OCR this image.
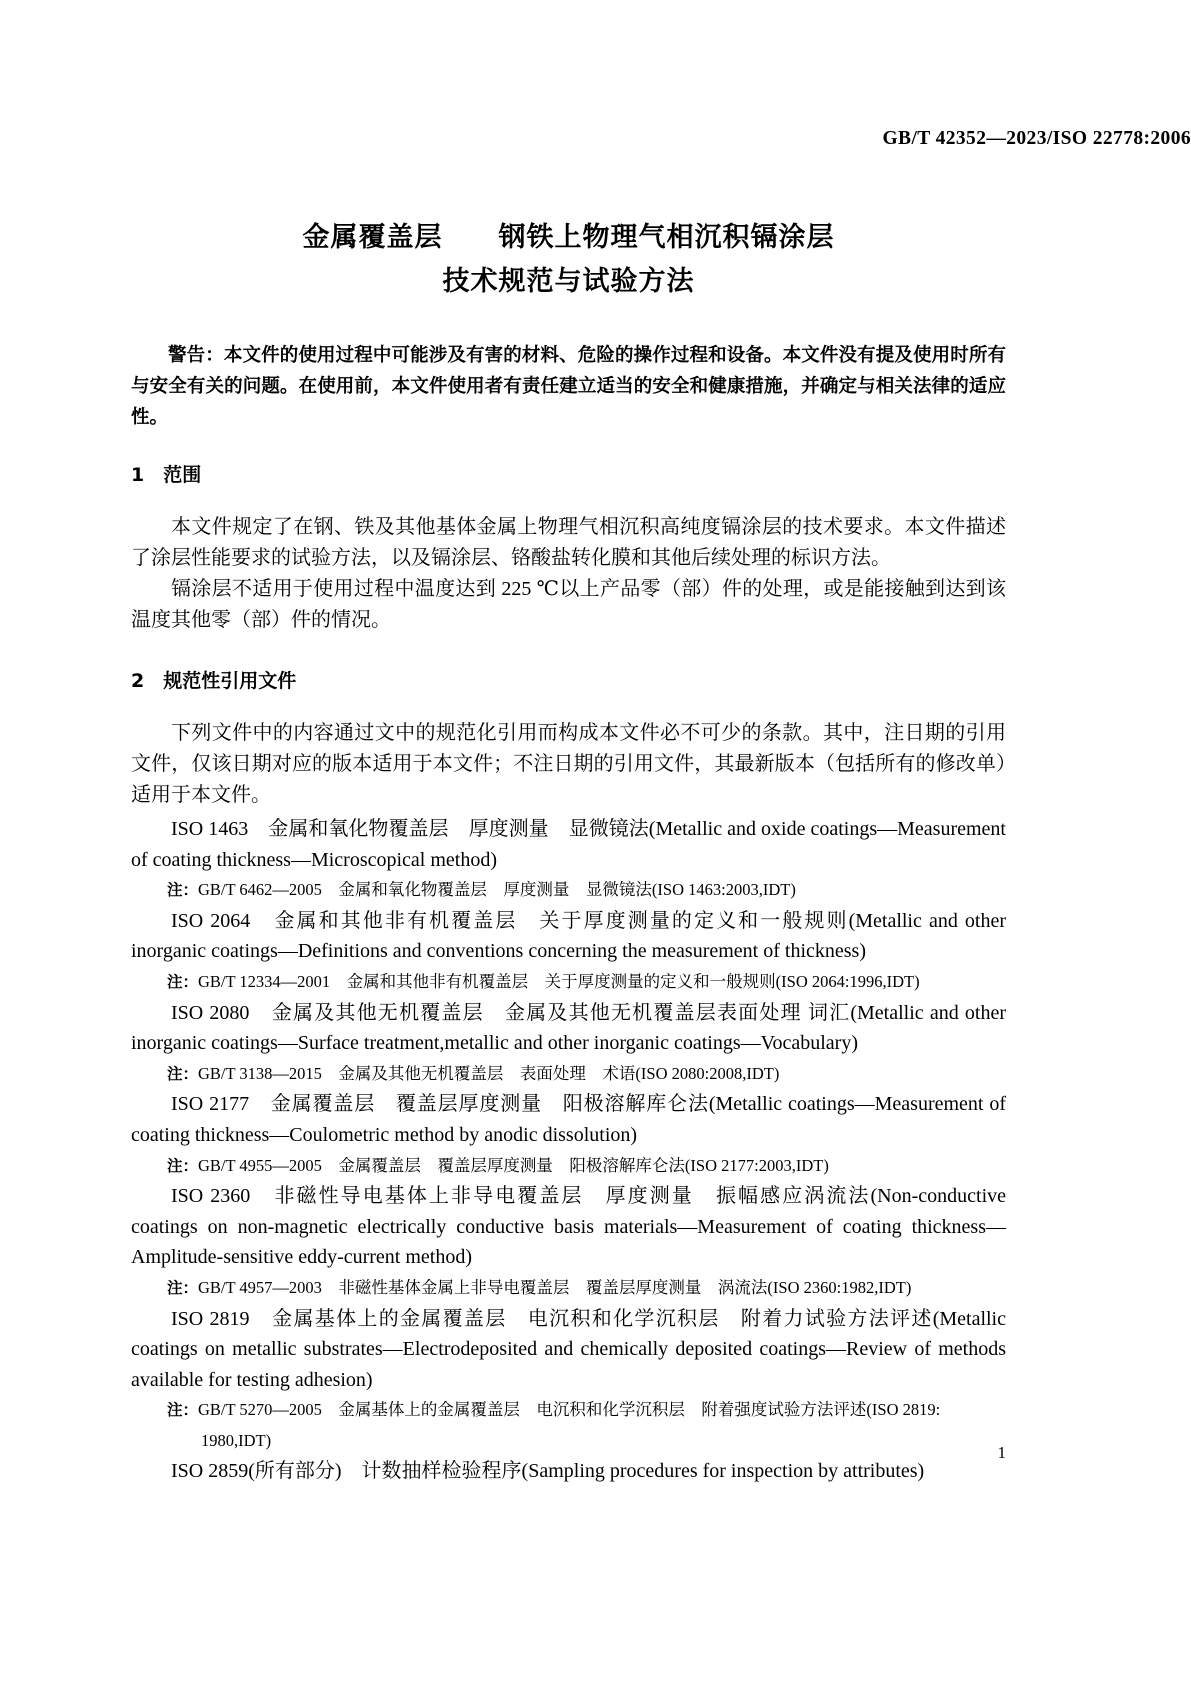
GB/T 42352—2023/ISO 22778:2006
金属覆盖层　　钢铁上物理气相沉积镉涂层
技术规范与试验方法
警告：本文件的使用过程中可能涉及有害的材料、危险的操作过程和设备。本文件没有提及使用时所有与安全有关的问题。在使用前，本文件使用者有责任建立适当的安全和健康措施，并确定与相关法律的适应性。
1　范围
本文件规定了在钢、铁及其他基体金属上物理气相沉积高纯度镉涂层的技术要求。本文件描述了涂层性能要求的试验方法，以及镉涂层、铬酸盐转化膜和其他后续处理的标识方法。
镉涂层不适用于使用过程中温度达到 225 ℃以上产品零（部）件的处理，或是能接触到达到该温度其他零（部）件的情况。
2　规范性引用文件
下列文件中的内容通过文中的规范化引用而构成本文件必不可少的条款。其中，注日期的引用文件，仅该日期对应的版本适用于本文件；不注日期的引用文件，其最新版本（包括所有的修改单）适用于本文件。

ISO 1463　金属和氧化物覆盖层　厚度测量　显微镜法(Metallic and oxide coatings—Measurement of coating thickness—Microscopical method)

注：GB/T 6462—2005　金属和氧化物覆盖层　厚度测量　显微镜法(ISO 1463:2003,IDT)

ISO 2064　金属和其他非有机覆盖层　关于厚度测量的定义和一般规则(Metallic and other inorganic coatings—Definitions and conventions concerning the measurement of thickness)

注：GB/T 12334—2001　金属和其他非有机覆盖层　关于厚度测量的定义和一般规则(ISO 2064:1996,IDT)

ISO 2080　金属及其他无机覆盖层　金属及其他无机覆盖层表面处理 词汇(Metallic and other inorganic coatings—Surface treatment,metallic and other inorganic coatings—Vocabulary)

注：GB/T 3138—2015　金属及其他无机覆盖层　表面处理　术语(ISO 2080:2008,IDT)

ISO 2177　金属覆盖层　覆盖层厚度测量　阳极溶解库仑法(Metallic coatings—Measurement of coating thickness—Coulometric method by anodic dissolution)

注：GB/T 4955—2005　金属覆盖层　覆盖层厚度测量　阳极溶解库仑法(ISO 2177:2003,IDT)

ISO 2360　非磁性导电基体上非导电覆盖层　厚度测量　振幅感应涡流法(Non-conductive coatings on non-magnetic electrically conductive basis materials—Measurement of coating thickness—Amplitude-sensitive eddy-current method)

注：GB/T 4957—2003　非磁性基体金属上非导电覆盖层　覆盖层厚度测量　涡流法(ISO 2360:1982,IDT)

ISO 2819　金属基体上的金属覆盖层　电沉积和化学沉积层　附着力试验方法评述(Metallic coatings on metallic substrates—Electrodeposited and chemically deposited coatings—Review of methods available for testing adhesion)

注：GB/T 5270—2005　金属基体上的金属覆盖层　电沉积和化学沉积层　附着强度试验方法评述(ISO 2819:
1980,IDT)

ISO 2859(所有部分)　计数抽样检验程序(Sampling procedures for inspection by attributes)

1
